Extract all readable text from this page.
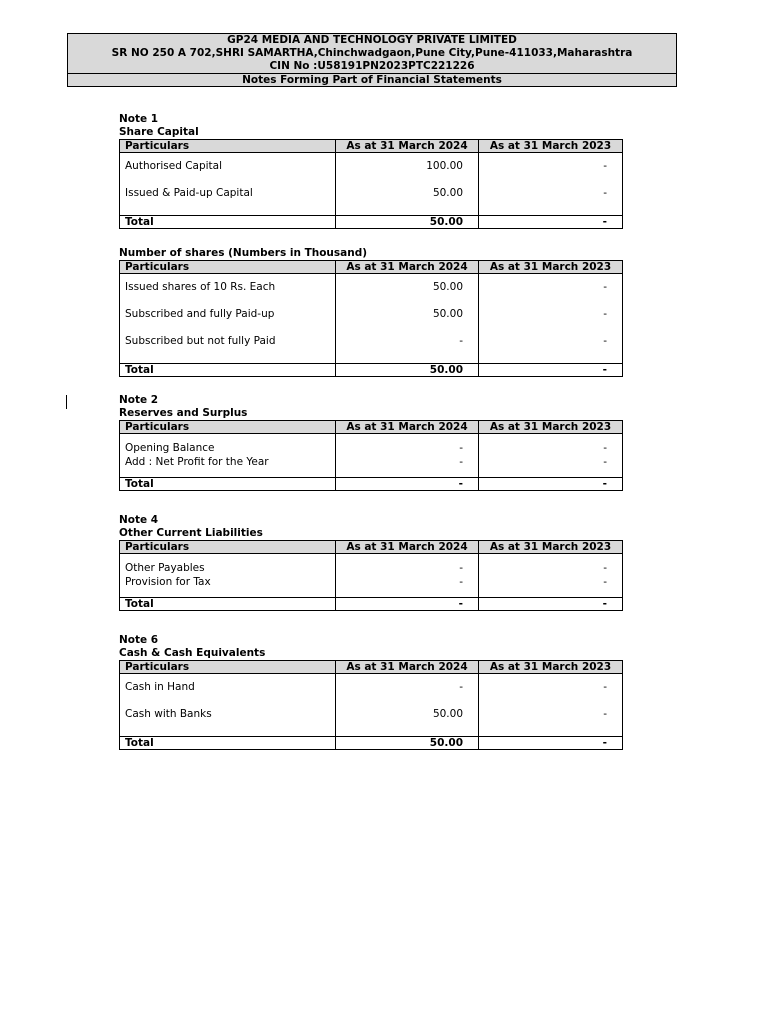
GP24 MEDIA AND TECHNOLOGY PRIVATE LIMITED
SR NO 250 A 702,SHRI SAMARTHA,Chinchwadgaon,Pune City,Pune-411033,Maharashtra
CIN No :U58191PN2023PTC221226
Notes Forming Part of Financial Statements
Note 1
Share Capital
Particulars	As at 31 March 2024	As at 31 March 2023
Authorised Capital	100.00	-
Issued & Paid-up Capital	50.00	-

Total	50.00	-
Number of shares (Numbers in Thousand)
Particulars	As at 31 March 2024	As at 31 March 2023
Issued shares of 10 Rs. Each	50.00	-
Subscribed and fully Paid-up	50.00	-
Subscribed but not fully Paid	-	-

Total	50.00	-
Note 2
Reserves and Surplus
Particulars	As at 31 March 2024	As at 31 March 2023

Opening Balance	-	-
Add : Net Profit for the Year	-	-

Total	-	-
Note 4
Other Current Liabilities
Particulars	As at 31 March 2024	As at 31 March 2023

Other Payables	-	-
Provision for Tax	-	-

Total	-	-
Note 6
Cash & Cash Equivalents
Particulars	As at 31 March 2024	As at 31 March 2023
Cash in Hand	-	-
Cash with Banks	50.00	-

Total	50.00	-
